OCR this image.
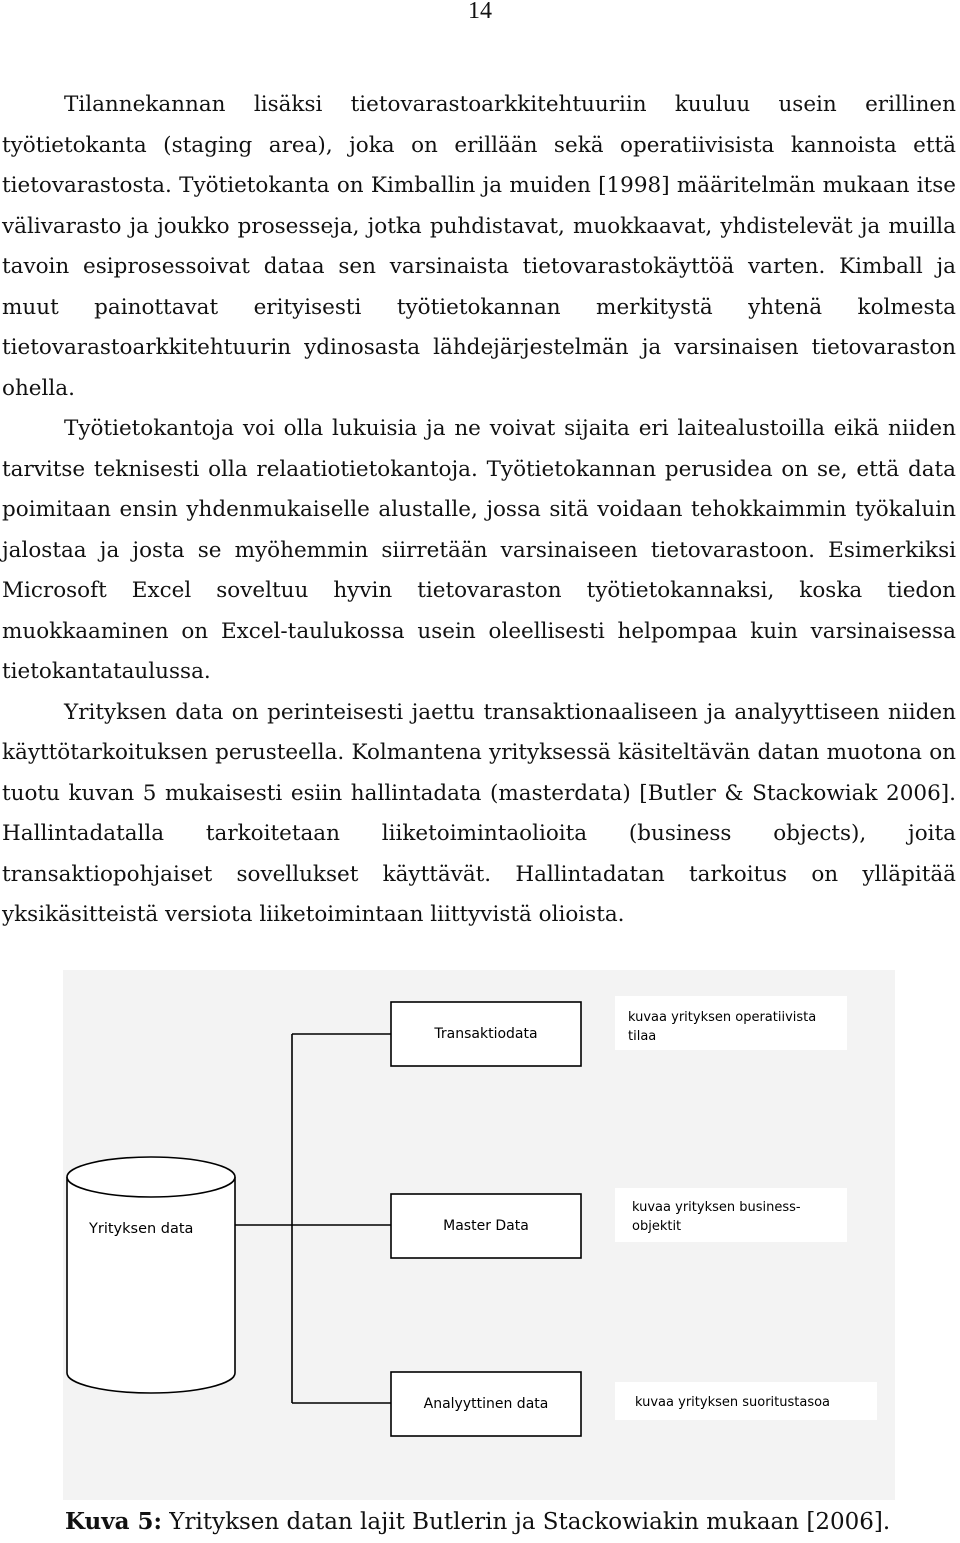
14

Tilannekannan lisäksi tietovarastoarkkitehtuuriin kuuluu usein erillinen työtietokanta (staging area), joka on erillään sekä operatiivisista kannoista että tietovarastosta. Työtietokanta on Kimballin ja muiden [1998] määritelmän mukaan itse välivarasto ja joukko prosesseja, jotka puhdistavat, muokkaavat, yhdistelevät ja muilla tavoin esiprosessoivat dataa sen varsinaista tietovarastokäyttöä varten. Kimball ja muut painottavat erityisesti työtietokannan merkitystä yhtenä kolmesta tietovarastoarkkitehtuurin ydinosasta lähdejärjestelmän ja varsinaisen tietovaraston ohella.

Työtietokantoja voi olla lukuisia ja ne voivat sijaita eri laitealustoilla eikä niiden tarvitse teknisesti olla relaatiotietokantoja. Työtietokannan perusidea on se, että data poimitaan ensin yhdenmukaiselle alustalle, jossa sitä voidaan tehokkaimmin työkaluin jalostaa ja josta se myöhemmin siirretään varsinaiseen tietovarastoon. Esimerkiksi Microsoft Excel soveltuu hyvin tietovaraston työtietokannaksi, koska tiedon muokkaaminen on Excel-taulukossa usein oleellisesti helpompaa kuin varsinaisessa tietokantataulussa.

Yrityksen data on perinteisesti jaettu transaktionaaliseen ja analyyttiseen niiden käyttötarkoituksen perusteella. Kolmantena yrityksessä käsiteltävän datan muotona on tuotu kuvan 5 mukaisesti esiin hallintadata (masterdata) [Butler & Stackowiak 2006]. Hallintadatalla tarkoitetaan liiketoimintaolioita (business objects), joita transaktiopohjaiset sovellukset käyttävät. Hallintadatan tarkoitus on ylläpitää yksikäsitteistä versiota liiketoimintaan liittyvistä olioista.

Yrityksen data
Transaktiodata
Master Data
Analyyttinen data
kuvaa yrityksen operatiivista
tilaa
kuvaa yrityksen business-
objektit
kuvaa yrityksen suoritustasoa
Kuva 5: Yrityksen datan lajit Butlerin ja Stackowiakin mukaan [2006].
